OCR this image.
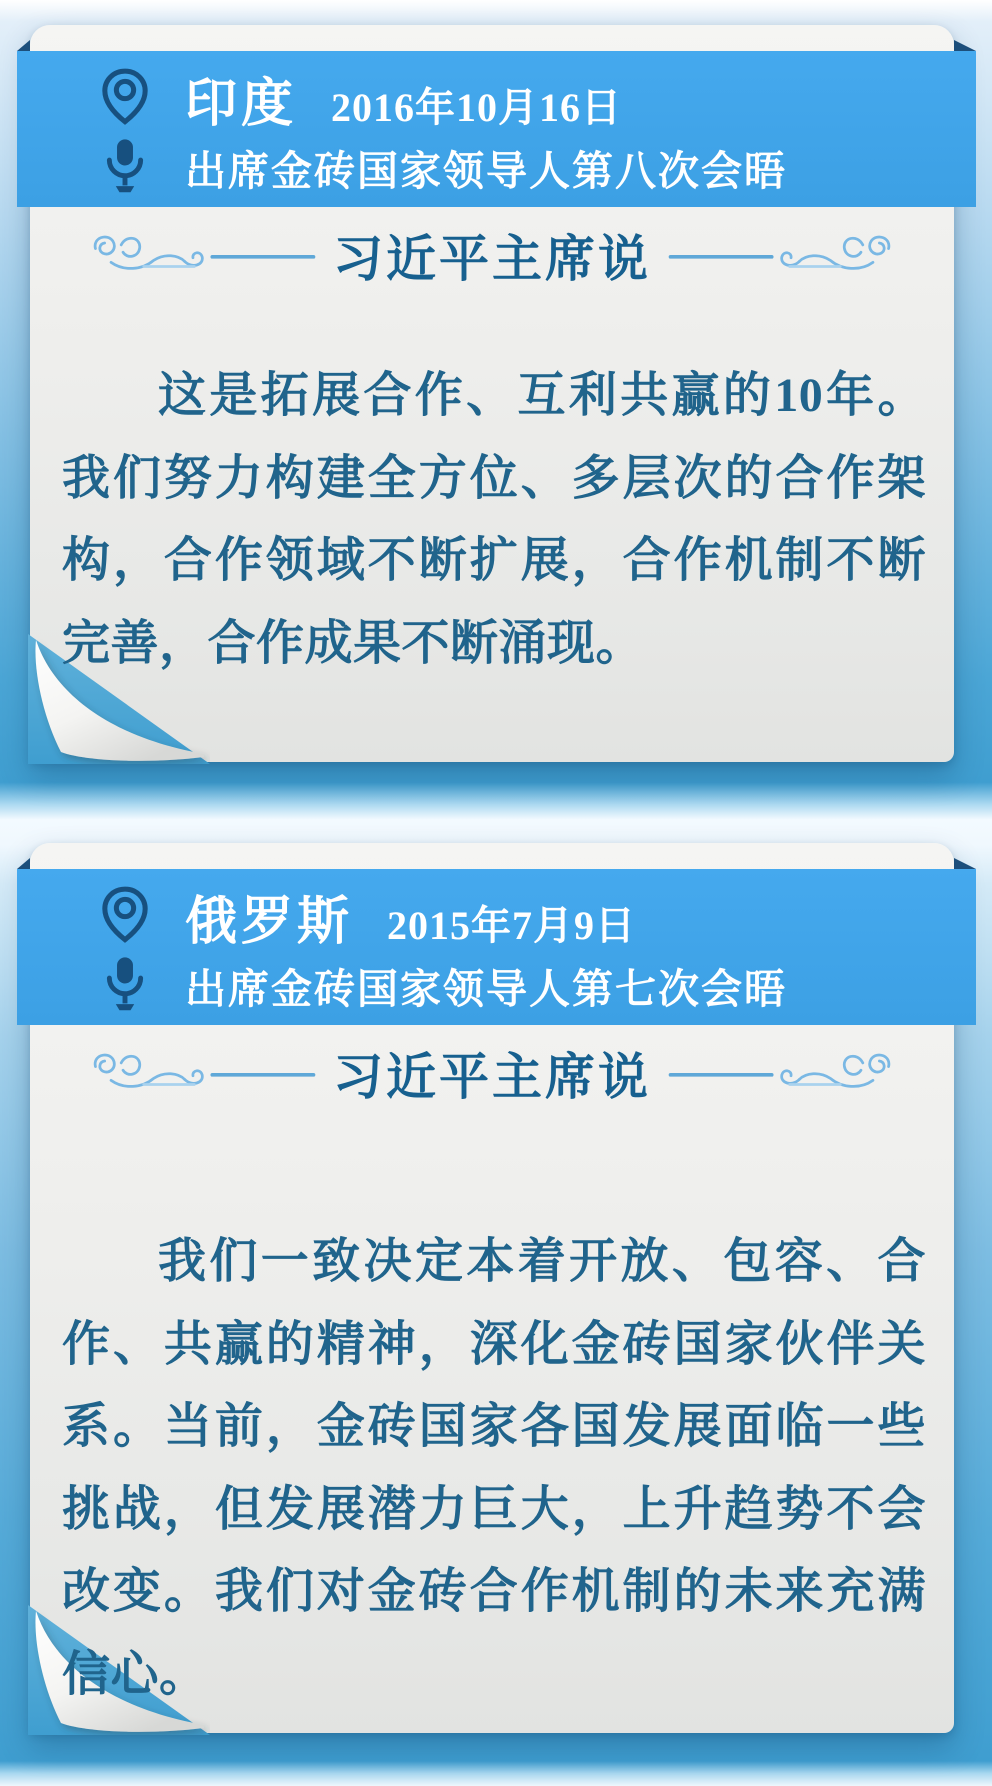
印度 2016年10月16日
出席金砖国家领导人第八次会晤
习近平主席说

这是拓展合作、互利共赢的10年。我们努力构建全方位、多层次的合作架构，合作领域不断扩展，合作机制不断完善，合作成果不断涌现。

俄罗斯 2015年7月9日
出席金砖国家领导人第七次会晤
习近平主席说

我们一致决定本着开放、包容、合作、共赢的精神，深化金砖国家伙伴关系。当前，金砖国家各国发展面临一些挑战，但发展潜力巨大，上升趋势不会改变。我们对金砖合作机制的未来充满信心。
